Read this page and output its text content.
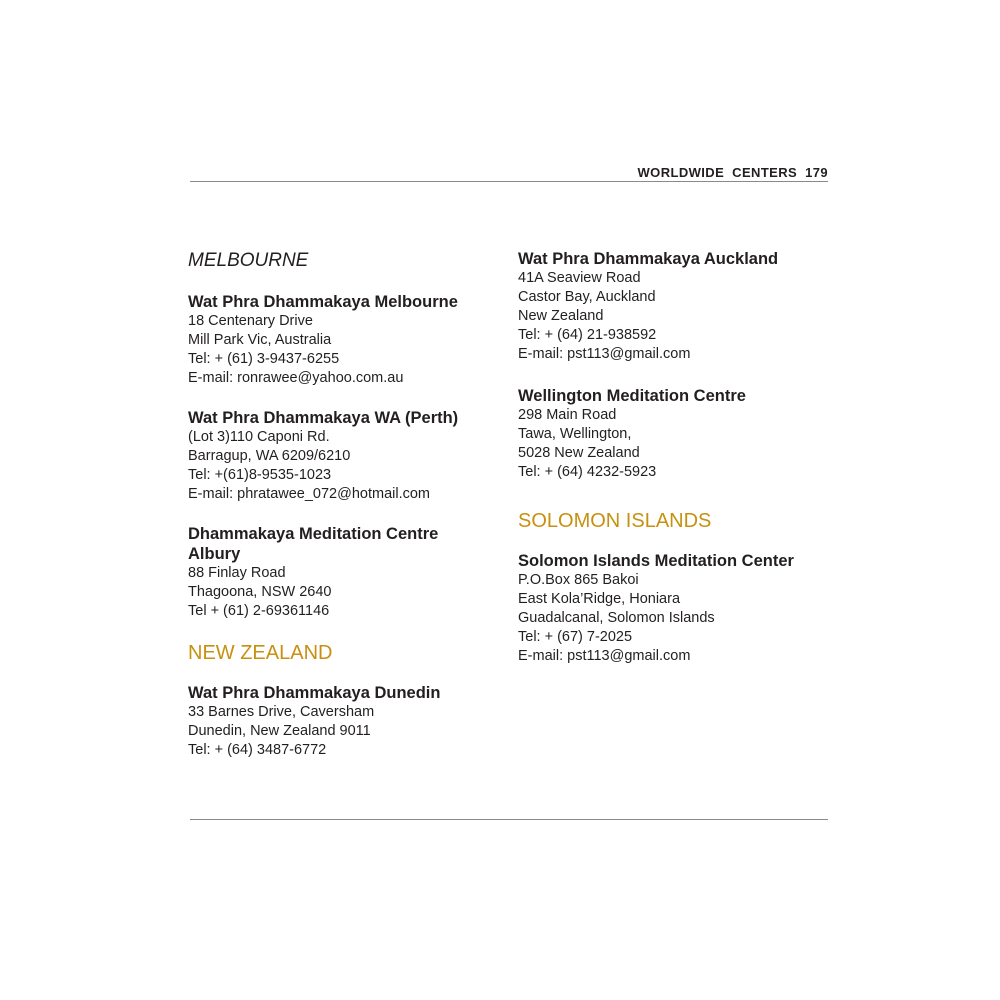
WORLDWIDE  CENTERS 179
MELBOURNE
Wat Phra Dhammakaya Melbourne
18 Centenary Drive
Mill Park Vic, Australia
Tel: + (61) 3-9437-6255
E-mail: ronrawee@yahoo.com.au
Wat Phra Dhammakaya WA (Perth)
(Lot 3)110 Caponi Rd.
Barragup, WA 6209/6210
Tel: +(61)8-9535-1023
E-mail: phratawee_072@hotmail.com
Dhammakaya Meditation Centre
Albury
88 Finlay Road
Thagoona, NSW 2640
Tel + (61) 2-69361146
NEW ZEALAND
Wat Phra Dhammakaya Dunedin
33 Barnes Drive, Caversham
Dunedin, New Zealand 9011
Tel: + (64) 3487-6772
Wat Phra Dhammakaya Auckland
41A Seaview Road
Castor Bay, Auckland
New Zealand
Tel: + (64) 21-938592
E-mail: pst113@gmail.com
Wellington Meditation Centre
298 Main Road
Tawa, Wellington,
5028 New Zealand
Tel: + (64) 4232-5923
SOLOMON ISLANDS
Solomon Islands Meditation Center
P.O.Box 865 Bakoi
East Kola’Ridge, Honiara
Guadalcanal, Solomon Islands
Tel: + (67) 7-2025
E-mail: pst113@gmail.com
